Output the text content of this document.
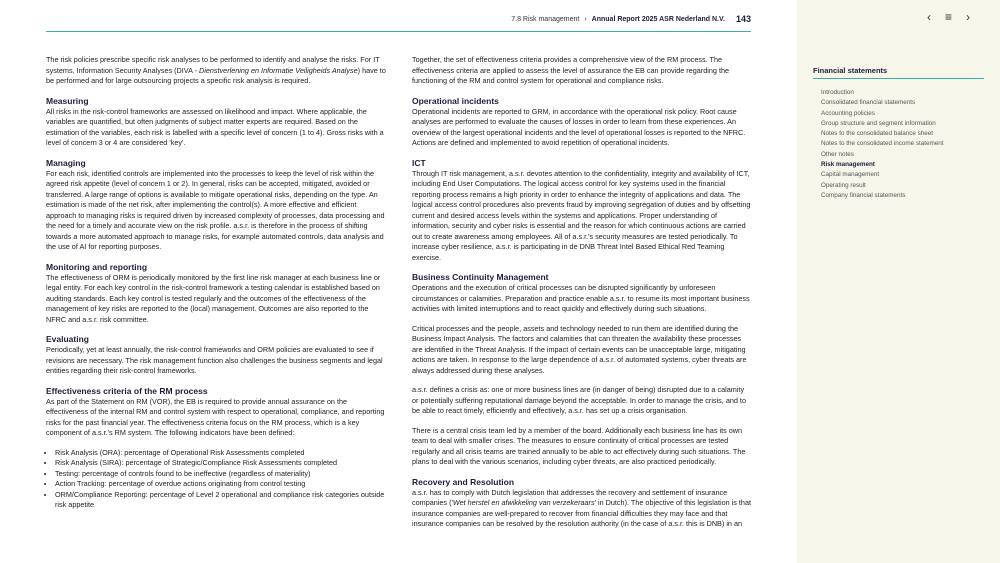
7.8 Risk management › Annual Report 2025 ASR Nederland N.V. 143

The risk policies prescribe specific risk analyses to be performed to identify and analyse the risks. For IT systems, Information Security Analyses (DIVA - Dienstverlening en Informatie Veiligheids Analyse) have to be performed and for large outsourcing projects a specific risk analysis is required.

Measuring

All risks in the risk-control frameworks are assessed on likelihood and impact. Where applicable, the variables are quantified, but often judgments of subject matter experts are required. Based on the estimation of the variables, each risk is labelled with a specific level of concern (1 to 4). Gross risks with a level of concern 3 or 4 are considered 'key'.

Managing

For each risk, identified controls are implemented into the processes to keep the level of risk within the agreed risk appetite (level of concern 1 or 2). In general, risks can be accepted, mitigated, avoided or transferred. A large range of options is available to mitigate operational risks, depending on the type. An estimation is made of the net risk, after implementing the control(s). A more effective and efficient approach to managing risks is required driven by increased complexity of processes, data processing and the need for a timely and accurate view on the risk profile. a.s.r. is therefore in the process of shifting towards a more automated approach to manage risks, for example automated controls, data analysis and the use of AI for reporting purposes.

Monitoring and reporting

The effectiveness of ORM is periodically monitored by the first line risk manager at each business line or legal entity. For each key control in the risk-control framework a testing calendar is established based on auditing standards. Each key control is tested regularly and the outcomes of the effectiveness of the management of key risks are reported to the (local) management. Outcomes are also reported to the NFRC and a.s.r. risk committee.

Evaluating

Periodically, yet at least annually, the risk-control frameworks and ORM policies are evaluated to see if revisions are necessary. The risk management function also challenges the business segments and legal entities regarding their risk-control frameworks.

Effectiveness criteria of the RM process

As part of the Statement on RM (VOR), the EB is required to provide annual assurance on the effectiveness of the internal RM and control system with respect to operational, compliance, and reporting risks for the past financial year. The effectiveness criteria focus on the RM process, which is a key component of a.s.r.'s RM system. The following indicators have been defined:

• Risk Analysis (ORA): percentage of Operational Risk Assessments completed
• Risk Analysis (SIRA): percentage of Strategic/Compliance Risk Assessments completed
• Testing: percentage of controls found to be ineffective (regardless of materiality)
• Action Tracking: percentage of overdue actions originating from control testing
• ORM/Compliance Reporting: percentage of Level 2 operational and compliance risk categories outside risk appetite

Together, the set of effectiveness criteria provides a comprehensive view of the RM process. The effectiveness criteria are applied to assess the level of assurance the EB can provide regarding the functioning of the RM and control system for operational and compliance risks.

Operational incidents

Operational incidents are reported to GRM, in accordance with the operational risk policy. Root cause analyses are performed to evaluate the causes of losses in order to learn from these experiences. An overview of the largest operational incidents and the level of operational losses is reported to the NFRC. Actions are defined and implemented to avoid repetition of operational incidents.

ICT

Through IT risk management, a.s.r. devotes attention to the confidentiality, integrity and availability of ICT, including End User Computations. The logical access control for key systems used in the financial reporting process remains a high priority in order to enhance the integrity of applications and data. The logical access control procedures also prevents fraud by improving segregation of duties and by offsetting current and desired access levels within the systems and applications. Proper understanding of information, security and cyber risks is essential and the reason for which continuous actions are carried out to create awareness among employees. All of a.s.r.'s security measures are tested periodically. To increase cyber resilience, a.s.r. is participating in de DNB Threat Intel Based Ethical Red Teaming exercise.

Business Continuity Management

Operations and the execution of critical processes can be disrupted significantly by unforeseen circumstances or calamities. Preparation and practice enable a.s.r. to resume its most important business activities with limited interruptions and to react quickly and effectively during such situations.

Critical processes and the people, assets and technology needed to run them are identified during the Business Impact Analysis. The factors and calamities that can threaten the availability these processes are identified in the Threat Analysis. If the impact of certain events can be unacceptable large, mitigating actions are taken. In response to the large dependence of a.s.r. of automated systems, cyber threats are always addressed during these analyses.

a.s.r. defines a crisis as: one or more business lines are (in danger of being) disrupted due to a calamity or potentially suffering reputational damage beyond the acceptable. In order to manage the crisis, and to be able to react timely, efficiently and effectively, a.s.r. has set up a crisis organisation.

There is a central crisis team led by a member of the board. Additionally each business line has its own team to deal with smaller crises. The measures to ensure continuity of critical processes are tested regularly and all crisis teams are trained annually to be able to act effectively during such situations. The plans to deal with the various scenarios, including cyber threats, are also practiced periodically.

Recovery and Resolution

a.s.r. has to comply with Dutch legislation that addresses the recovery and settlement of insurance companies ('Wet herstel en afwikkeling van verzekeraars' in Dutch). The objective of this legislation is that insurance companies are well-prepared to recover from financial difficulties they may face and that insurance companies can be resolved by the resolution authority (in the case of a.s.r. this is DNB) in an

‹ ≡ ›
Financial statements
Introduction
Consolidated financial statements
Accounting policies
Group structure and segment information
Notes to the consolidated balance sheet
Notes to the consolidated income statement
Other notes
Risk management
Capital management
Operating result
Company financial statements
